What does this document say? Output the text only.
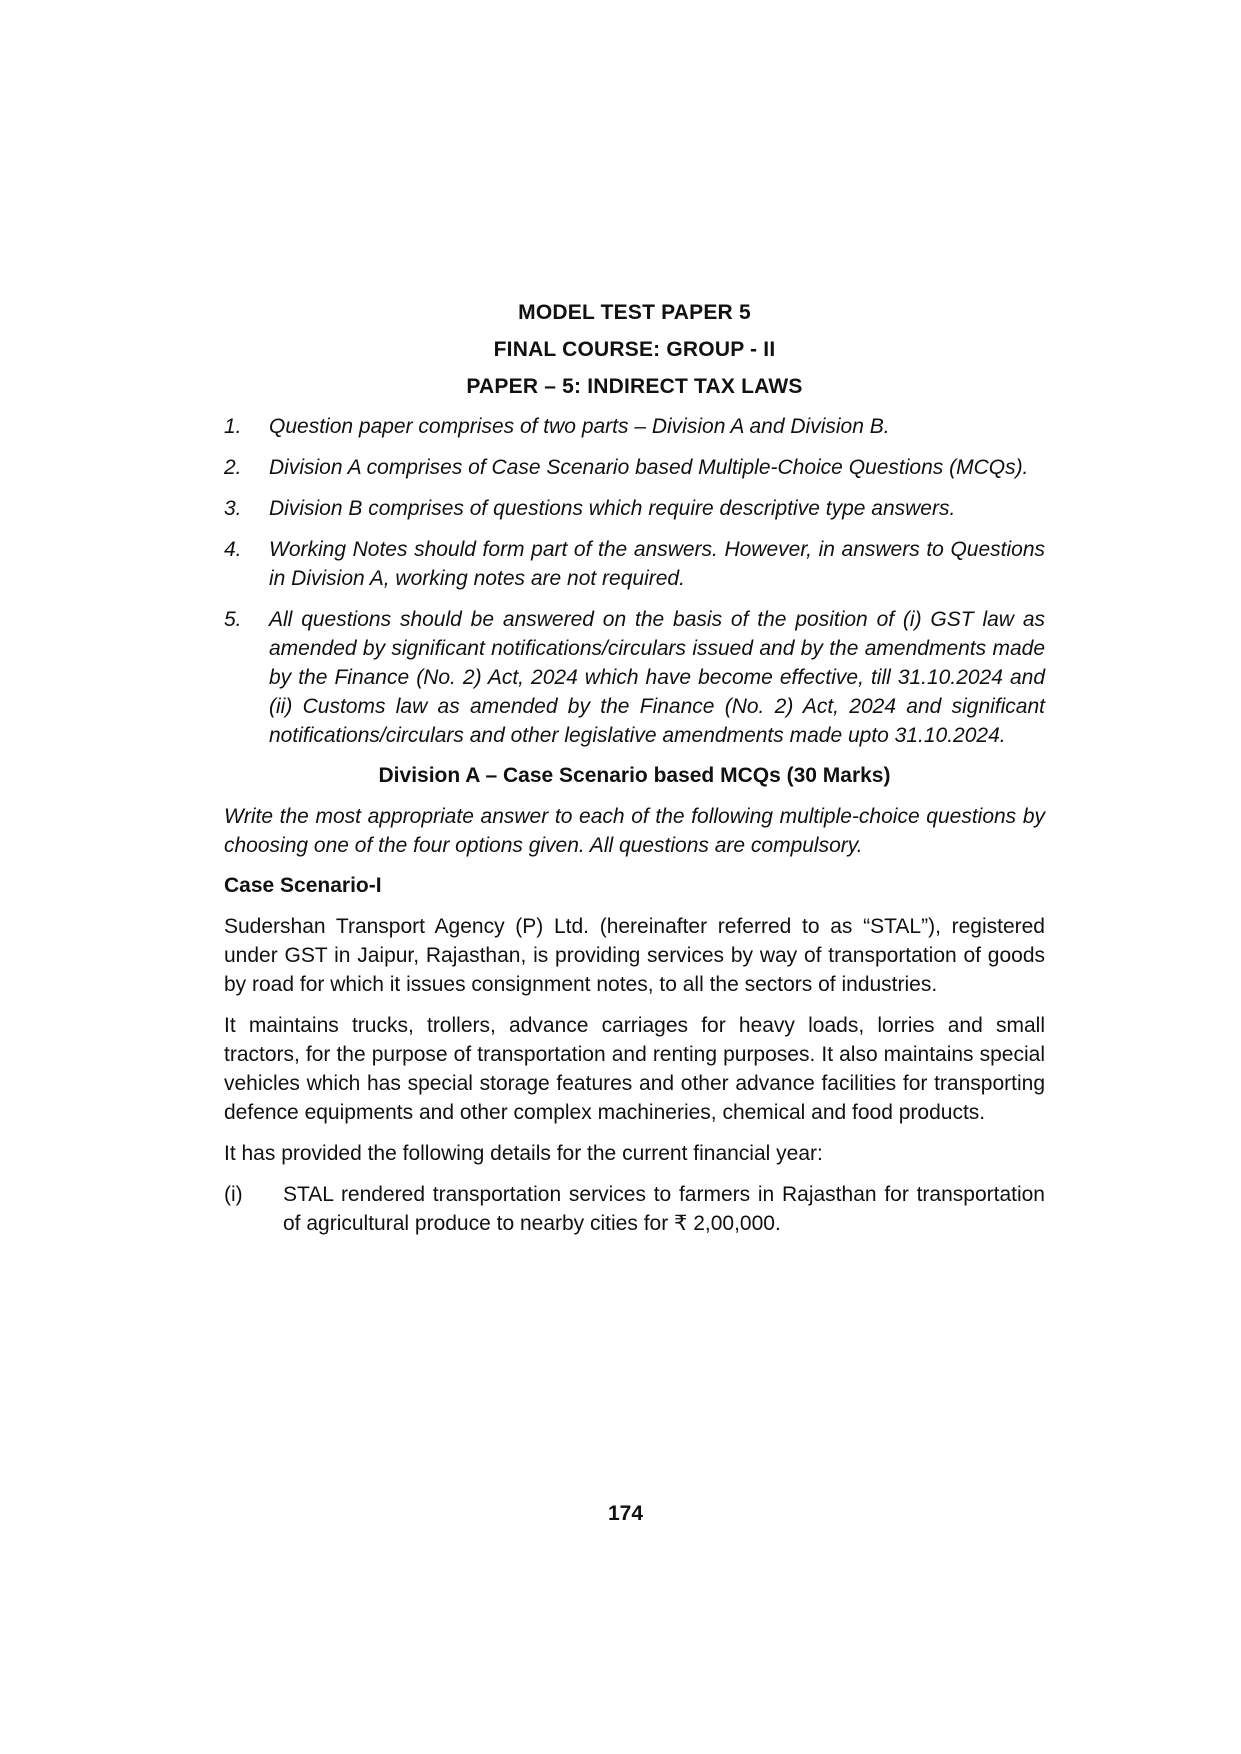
MODEL TEST PAPER 5
FINAL COURSE: GROUP - II
PAPER – 5: INDIRECT TAX LAWS
1.	Question paper comprises of two parts – Division A and Division B.
2.	Division A comprises of Case Scenario based Multiple-Choice Questions (MCQs).
3.	Division B comprises of questions which require descriptive type answers.
4.	Working Notes should form part of the answers. However, in answers to Questions in Division A, working notes are not required.
5.	All questions should be answered on the basis of the position of (i) GST law as amended by significant notifications/circulars issued and by the amendments made by the Finance (No. 2) Act, 2024 which have become effective, till 31.10.2024 and (ii) Customs law as amended by the Finance (No. 2) Act, 2024 and significant notifications/circulars and other legislative amendments made upto 31.10.2024.
Division A – Case Scenario based MCQs (30 Marks)

Write the most appropriate answer to each of the following multiple-choice questions by choosing one of the four options given. All questions are compulsory.

Case Scenario-I

Sudershan Transport Agency (P) Ltd. (hereinafter referred to as “STAL”), registered under GST in Jaipur, Rajasthan, is providing services by way of transportation of goods by road for which it issues consignment notes, to all the sectors of industries.

It maintains trucks, trollers, advance carriages for heavy loads, lorries and small tractors, for the purpose of transportation and renting purposes. It also maintains special vehicles which has special storage features and other advance facilities for transporting defence equipments and other complex machineries, chemical and food products.

It has provided the following details for the current financial year:

(i)	STAL rendered transportation services to farmers in Rajasthan for transportation of agricultural produce to nearby cities for ₹ 2,00,000.
174
